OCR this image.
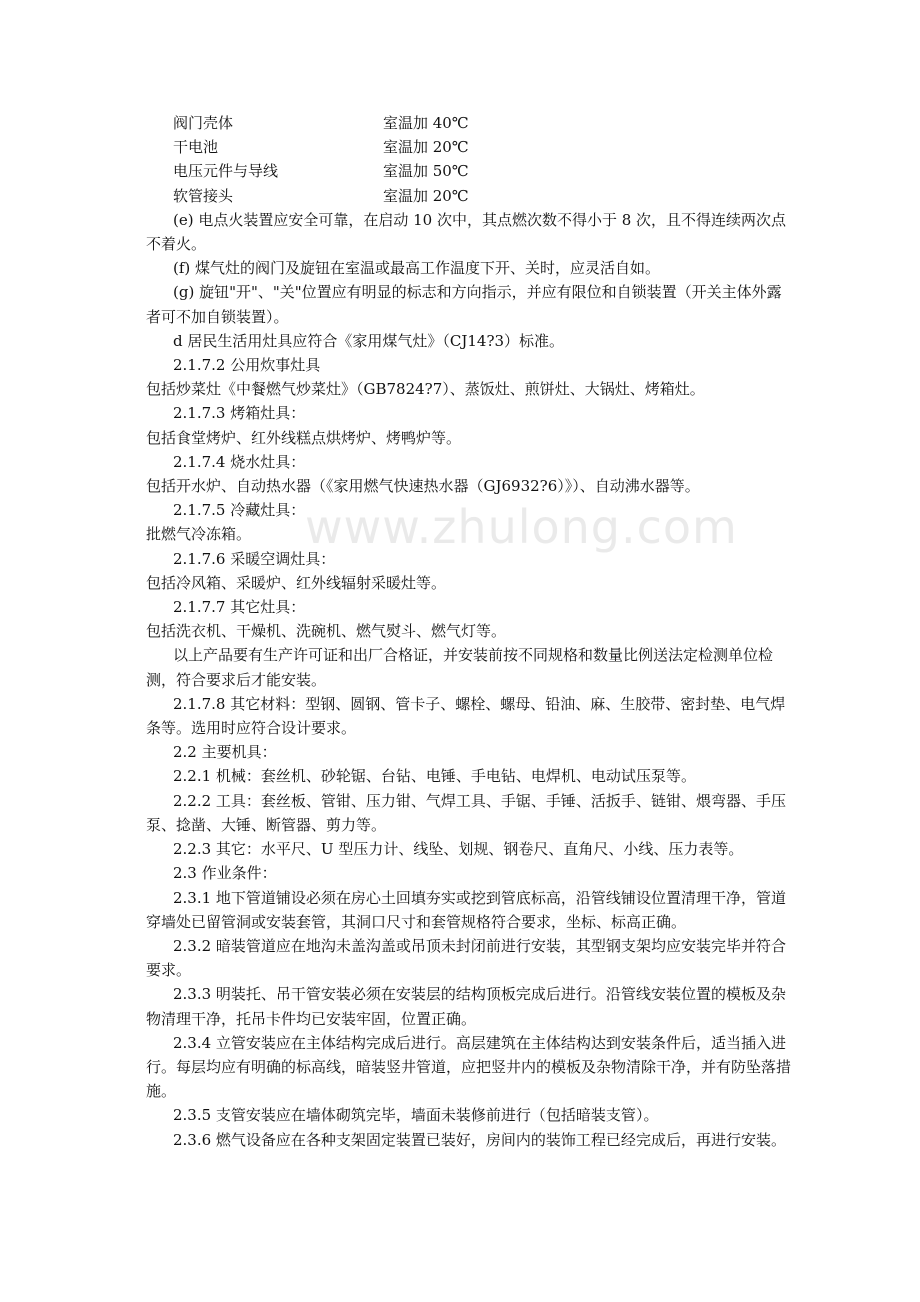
阀门壳体	室温加 40℃
干电池	室温加 20℃
电压元件与导线	室温加 50℃
软管接头	室温加 20℃

(e) 电点火装置应安全可靠，在启动 10 次中，其点燃次数不得小于 8 次，且不得连续两次点不着火。

(f) 煤气灶的阀门及旋钮在室温或最高工作温度下开、关时，应灵活自如。

(g) 旋钮"开"、"关"位置应有明显的标志和方向指示，并应有限位和自锁装置（开关主体外露者可不加自锁装置）。

d 居民生活用灶具应符合《家用煤气灶》（CJ14?3）标准。

2.1.7.2 公用炊事灶具

包括炒菜灶《中餐燃气炒菜灶》（GB7824?7）、蒸饭灶、煎饼灶、大锅灶、烤箱灶。

2.1.7.3 烤箱灶具：

包括食堂烤炉、红外线糕点烘烤炉、烤鸭炉等。

2.1.7.4 烧水灶具：

包括开水炉、自动热水器（《家用燃气快速热水器（GJ6932?6）》）、自动沸水器等。

2.1.7.5 冷藏灶具：

批燃气冷冻箱。

2.1.7.6 采暖空调灶具：

包括冷风箱、采暖炉、红外线辐射采暖灶等。

2.1.7.7 其它灶具：

包括洗衣机、干燥机、洗碗机、燃气熨斗、燃气灯等。

以上产品要有生产许可证和出厂合格证，并安装前按不同规格和数量比例送法定检测单位检测，符合要求后才能安装。

2.1.7.8 其它材料：型钢、圆钢、管卡子、螺栓、螺母、铅油、麻、生胶带、密封垫、电气焊条等。选用时应符合设计要求。

2.2 主要机具：

2.2.1 机械：套丝机、砂轮锯、台钻、电锤、手电钻、电焊机、电动试压泵等。

2.2.2 工具：套丝板、管钳、压力钳、气焊工具、手锯、手锤、活扳手、链钳、煨弯器、手压泵、捻凿、大锤、断管器、剪力等。

2.2.3 其它：水平尺、U 型压力计、线坠、划规、钢卷尺、直角尺、小线、压力表等。

2.3 作业条件：

2.3.1 地下管道铺设必须在房心土回填夯实或挖到管底标高，沿管线铺设位置清理干净，管道穿墙处已留管洞或安装套管，其洞口尺寸和套管规格符合要求，坐标、标高正确。

2.3.2 暗装管道应在地沟未盖沟盖或吊顶未封闭前进行安装，其型钢支架均应安装完毕并符合要求。

2.3.3 明装托、吊干管安装必须在安装层的结构顶板完成后进行。沿管线安装位置的模板及杂物清理干净，托吊卡件均已安装牢固，位置正确。

2.3.4 立管安装应在主体结构完成后进行。高层建筑在主体结构达到安装条件后，适当插入进行。每层均应有明确的标高线，暗装竖井管道，应把竖井内的模板及杂物清除干净，并有防坠落措施。

2.3.5 支管安装应在墙体砌筑完毕，墙面未装修前进行（包括暗装支管）。

2.3.6 燃气设备应在各种支架固定装置已装好，房间内的装饰工程已经完成后，再进行安装。

www.zhulong.com
